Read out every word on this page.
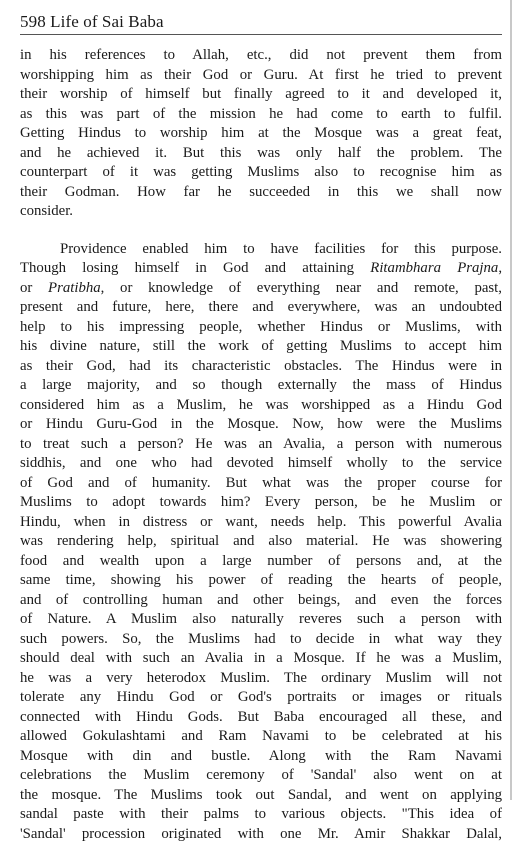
598 Life of Sai Baba

in his references to Allah, etc., did not prevent them from
worshipping him as their God or Guru. At first he tried to prevent
their worship of himself but finally agreed to it and developed it,
as this was part of the mission he had come to earth to fulfil.
Getting Hindus to worship him at the Mosque was a great feat,
and he achieved it. But this was only half the problem. The
counterpart of it was getting Muslims also to recognise him as
their Godman. How far he succeeded in this we shall now
consider.

Providence enabled him to have facilities for this purpose.
Though losing himself in God and attaining Ritambhara Prajna,
or Pratibha, or knowledge of everything near and remote, past,
present and future, here, there and everywhere, was an undoubted
help to his impressing people, whether Hindus or Muslims, with
his divine nature, still the work of getting Muslims to accept him
as their God, had its characteristic obstacles. The Hindus were in
a large majority, and so though externally the mass of Hindus
considered him as a Muslim, he was worshipped as a Hindu God
or Hindu Guru-God in the Mosque. Now, how were the Muslims
to treat such a person? He was an Avalia, a person with numerous
siddhis, and one who had devoted himself wholly to the service
of God and of humanity. But what was the proper course for
Muslims to adopt towards him? Every person, be he Muslim or
Hindu, when in distress or want, needs help. This powerful Avalia
was rendering help, spiritual and also material. He was showering
food and wealth upon a large number of persons and, at the
same time, showing his power of reading the hearts of people,
and of controlling human and other beings, and even the forces
of Nature. A Muslim also naturally reveres such a person with
such powers. So, the Muslims had to decide in what way they
should deal with such an Avalia in a Mosque. If he was a Muslim,
he was a very heterodox Muslim. The ordinary Muslim will not
tolerate any Hindu God or God's portraits or images or rituals
connected with Hindu Gods. But Baba encouraged all these, and
allowed Gokulashtami and Ram Navami to be celebrated at his
Mosque with din and bustle. Along with the Ram Navami
celebrations the Muslim ceremony of 'Sandal' also went on at
the mosque. The Muslims took out Sandal, and went on applying
sandal paste with their palms to various objects. "This idea of
'Sandal' procession originated with one Mr. Amir Shakkar Dalal,
